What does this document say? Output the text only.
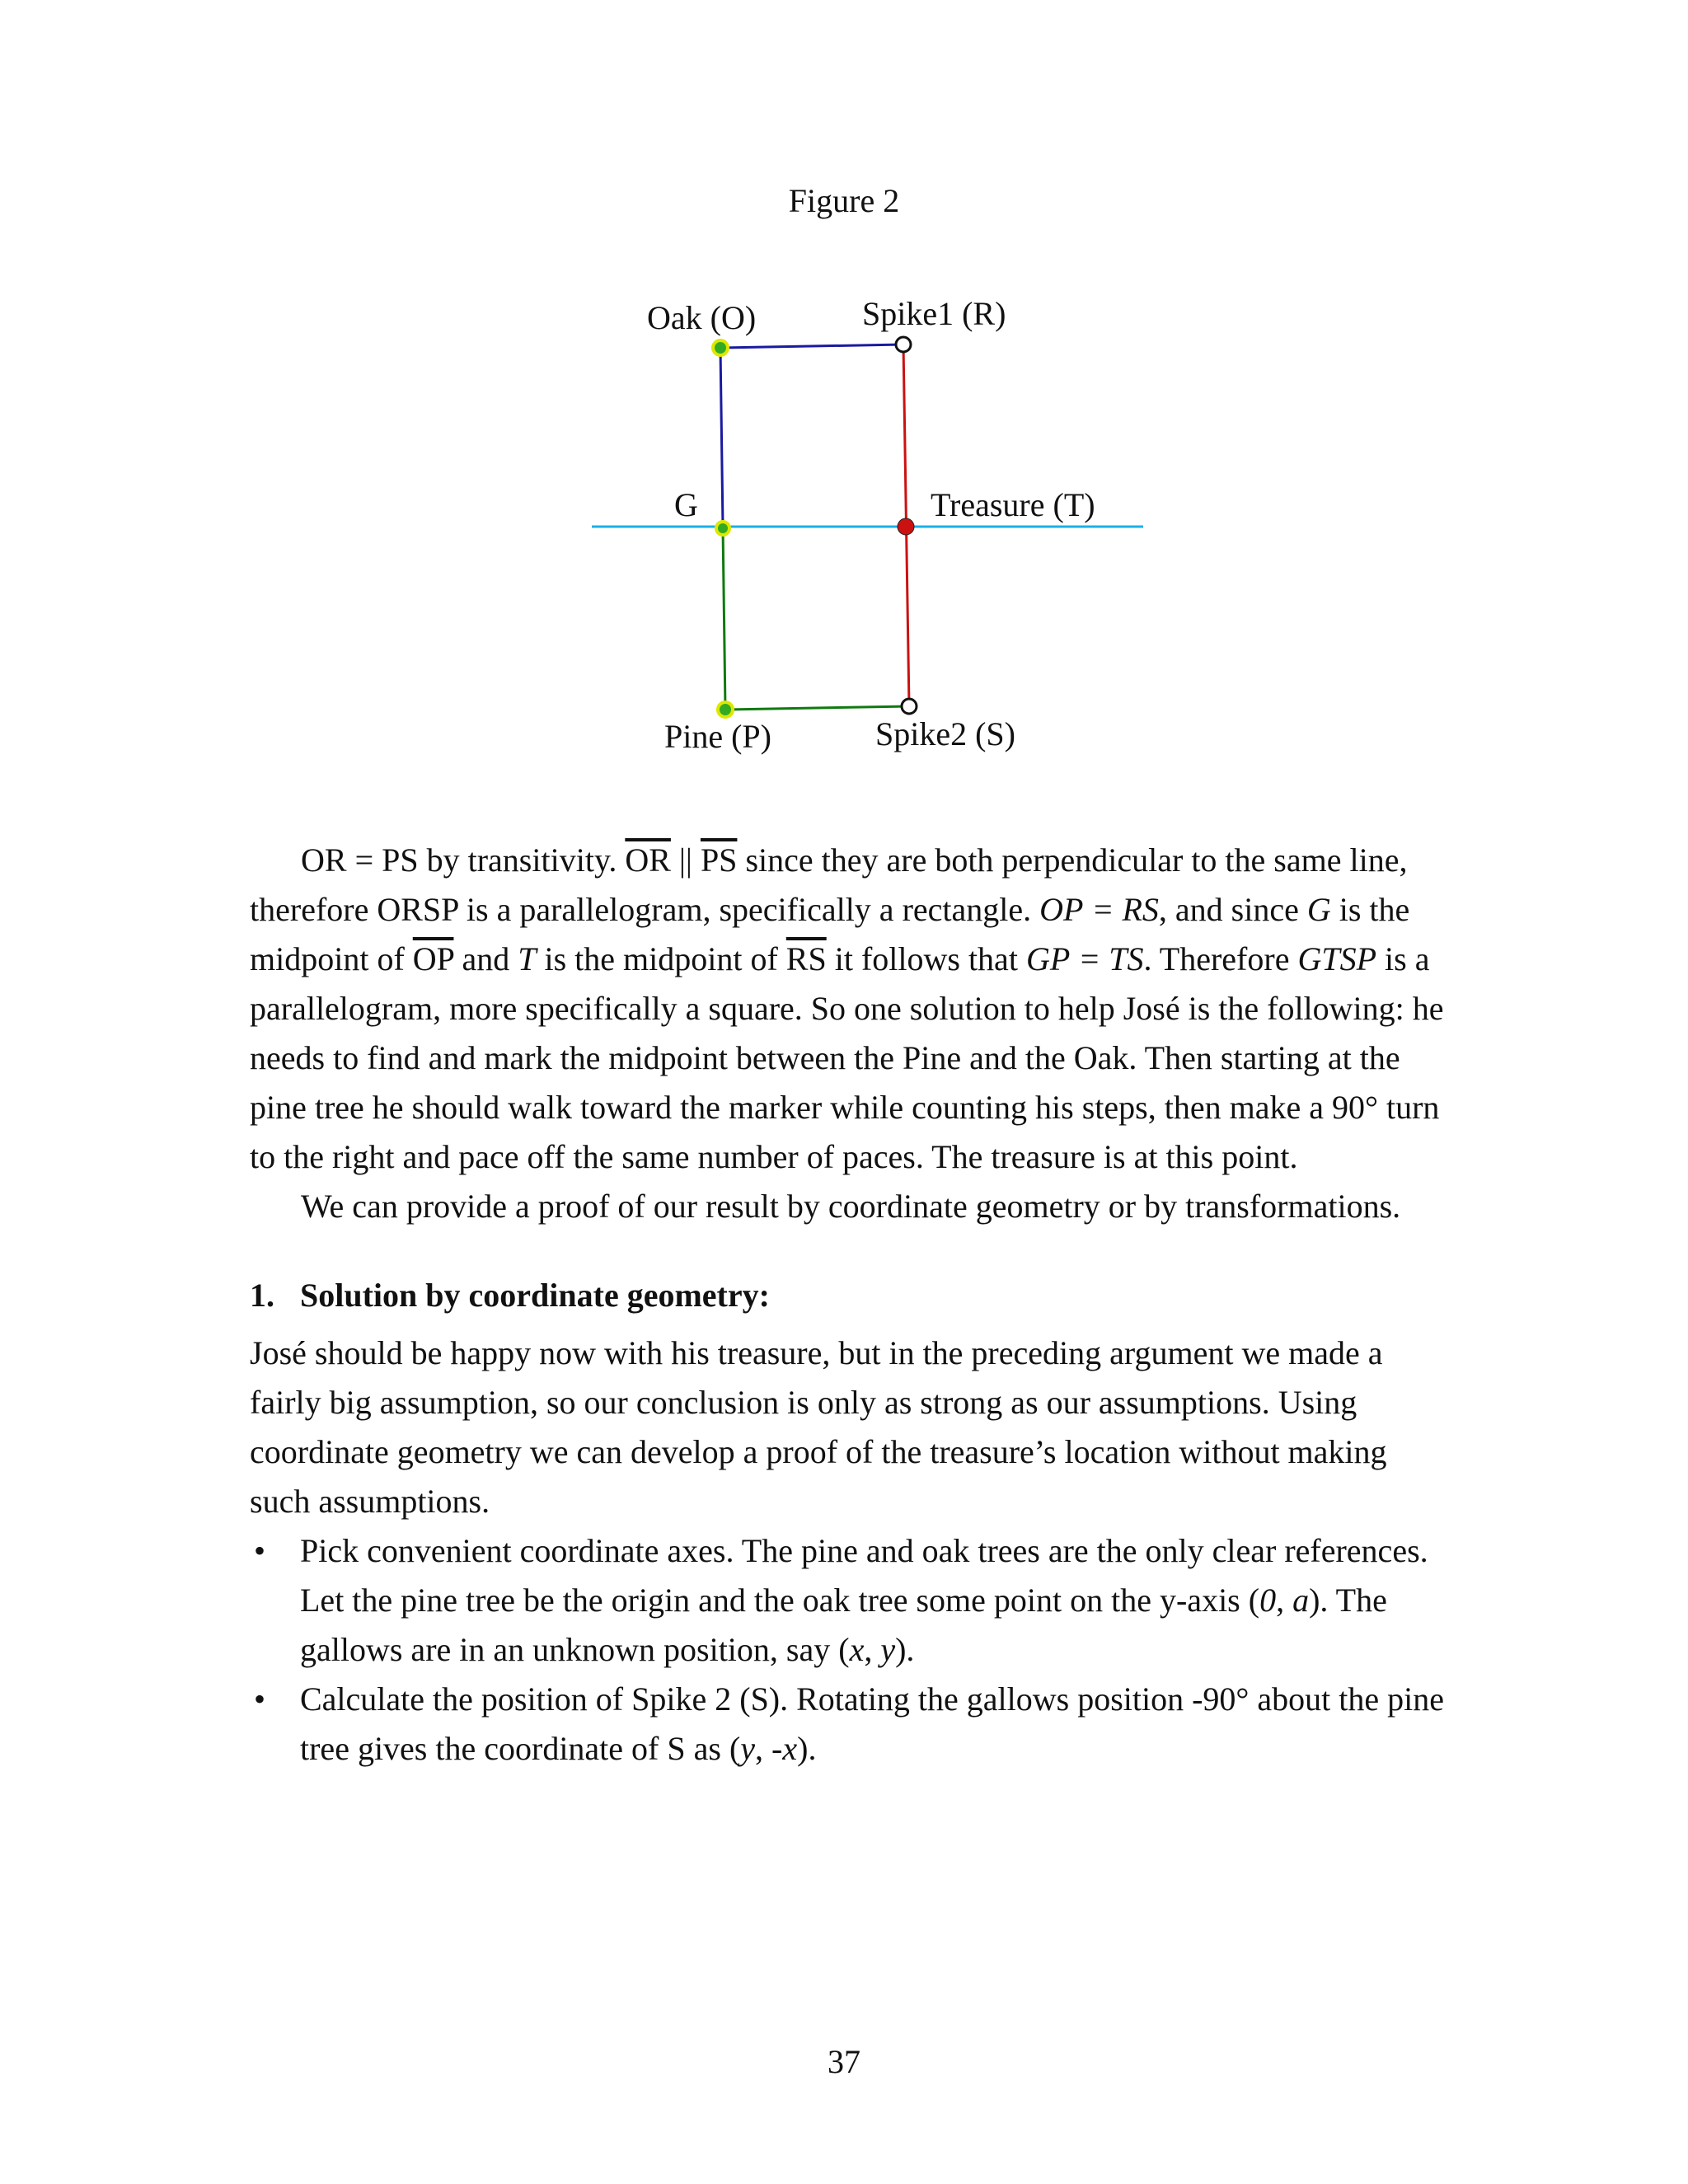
Figure 2
Oak (O)	Spike1 (R)
G	Treasure (T)
Pine (P)	Spike2 (S)

OR = PS by transitivity. $\overline{OR}$ || $\overline{PS}$ since they are both perpendicular to the same line, therefore ORSP is a parallelogram, specifically a rectangle. OP = RS, and since G is the midpoint of $\overline{OP}$ and T is the midpoint of $\overline{RS}$ it follows that GP = TS. Therefore GTSP is a parallelogram, more specifically a square. So one solution to help José is the following: he needs to find and mark the midpoint between the Pine and the Oak. Then starting at the pine tree he should walk toward the marker while counting his steps, then make a 90° turn to the right and pace off the same number of paces. The treasure is at this point.

We can provide a proof of our result by coordinate geometry or by transformations.

1. Solution by coordinate geometry:

José should be happy now with his treasure, but in the preceding argument we made a fairly big assumption, so our conclusion is only as strong as our assumptions. Using coordinate geometry we can develop a proof of the treasure’s location without making such assumptions.

• Pick convenient coordinate axes. The pine and oak trees are the only clear references. Let the pine tree be the origin and the oak tree some point on the y-axis (0, a). The gallows are in an unknown position, say (x, y).
• Calculate the position of Spike 2 (S). Rotating the gallows position -90° about the pine tree gives the coordinate of S as (y, -x).
37
